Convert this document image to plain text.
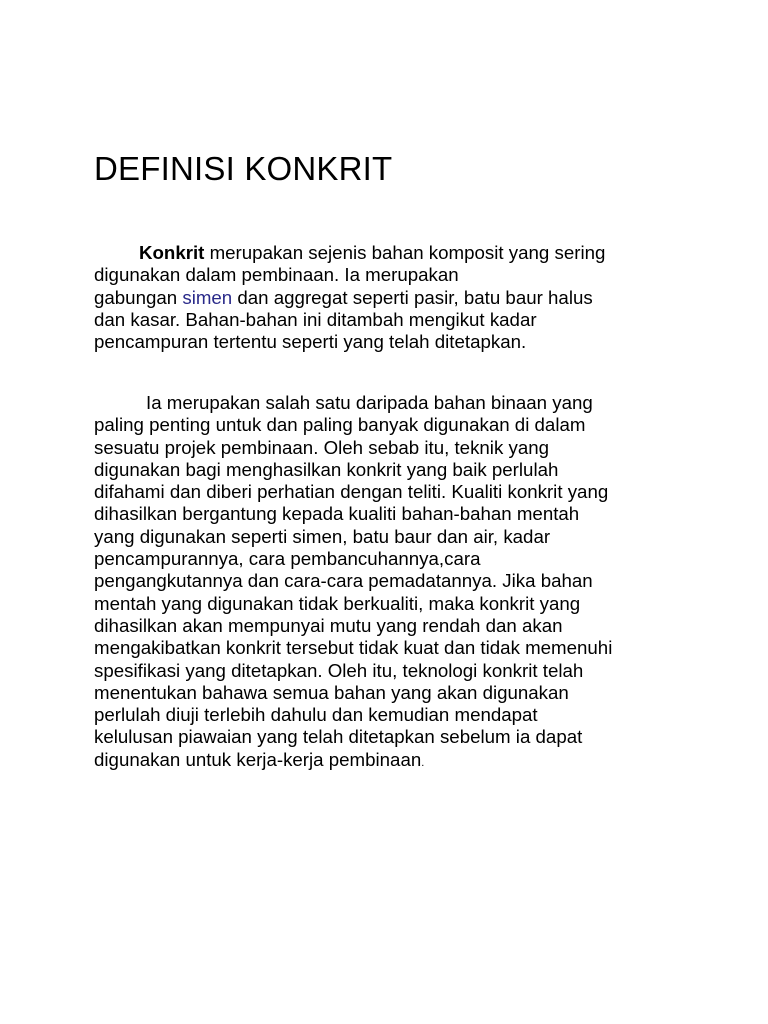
DEFINISI KONKRIT
Konkrit merupakan sejenis bahan komposit yang sering
digunakan dalam pembinaan. Ia merupakan
gabungan simen dan aggregat seperti pasir, batu baur halus
dan kasar. Bahan-bahan ini ditambah mengikut kadar
pencampuran tertentu seperti yang telah ditetapkan.
Ia merupakan salah satu daripada bahan binaan yang
paling penting untuk dan paling banyak digunakan di dalam
sesuatu projek pembinaan. Oleh sebab itu, teknik yang
digunakan bagi menghasilkan konkrit yang baik perlulah
difahami dan diberi perhatian dengan teliti. Kualiti konkrit yang
dihasilkan bergantung kepada kualiti bahan-bahan mentah
yang digunakan seperti simen, batu baur dan air, kadar
pencampurannya, cara pembancuhannya,cara
pengangkutannya dan cara-cara pemadatannya. Jika bahan
mentah yang digunakan tidak berkualiti, maka konkrit yang
dihasilkan akan mempunyai mutu yang rendah dan akan
mengakibatkan konkrit tersebut tidak kuat dan tidak memenuhi
spesifikasi yang ditetapkan. Oleh itu, teknologi konkrit telah
menentukan bahawa semua bahan yang akan digunakan
perlulah diuji terlebih dahulu dan kemudian mendapat
kelulusan piawaian yang telah ditetapkan sebelum ia dapat
digunakan untuk kerja-kerja pembinaan.
